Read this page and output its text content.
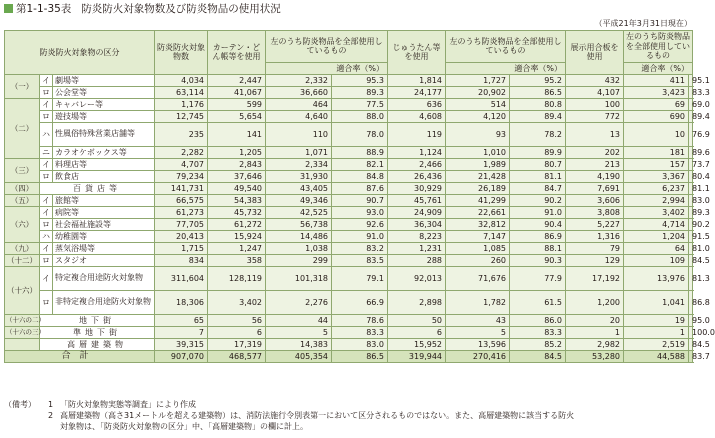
第1-1-35表 防炎防火対象物数及び防炎物品の使用状況
（平成21年3月31日現在）
防炎防火対象物の区分			防炎防火対象物数	カーテン・どん帳等を使用	左のうち防炎物品を全部使用しているもの		じゅうたん等を使用	左のうち防炎物品を全部使用しているもの		展示用合板を使用	左のうち防炎物品を全部使用しているもの	
					適合率（%）			適合率（%）			適合率（%）	
（一）	イ	劇場等	4,034	2,447	2,332	95.3	1,814	1,727	95.2	432	411	95.1
	ロ	公会堂等	63,114	41,067	36,660	89.3	24,177	20,902	86.5	4,107	3,423	83.3
（二）	イ	キャバレー等	1,176	599	464	77.5	636	514	80.8	100	69	69.0
	ロ	遊技場等	12,745	5,654	4,640	88.0	4,608	4,120	89.4	772	690	89.4
	ハ	性風俗特殊営業店舗等	235	141	110	78.0	119	93	78.2	13	10	76.9
	ニ	カラオケボックス等	2,282	1,205	1,071	88.9	1,124	1,010	89.9	202	181	89.6
（三）	イ	料理店等	4,707	2,843	2,334	82.1	2,466	1,989	80.7	213	157	73.7
	ロ	飲食店	79,234	37,646	31,930	84.8	26,436	21,428	81.1	4,190	3,367	80.4
（四）	百貨店等		141,731	49,540	43,405	87.6	30,929	26,189	84.7	7,691	6,237	81.1
（五）	イ	旅館等	66,575	54,383	49,346	90.7	45,761	41,299	90.2	3,606	2,994	83.0
（六）	イ	病院等	61,273	45,732	42,525	93.0	24,909	22,661	91.0	3,808	3,402	89.3
	ロ	社会福祉施設等	77,705	61,272	56,738	92.6	36,304	32,812	90.4	5,227	4,714	90.2
	ハ	幼稚園等	20,413	15,924	14,486	91.0	8,223	7,147	86.9	1,316	1,204	91.5
（九）	イ	蒸気浴場等	1,715	1,247	1,038	83.2	1,231	1,085	88.1	79	64	81.0
（十二）	ロ	スタジオ	834	358	299	83.5	288	260	90.3	129	109	84.5
（十六）	イ	特定複合用途防火対象物	311,604	128,119	101,318	79.1	92,013	71,676	77.9	17,192	13,976	81.3
	ロ	非特定複合用途防火対象物	18,306	3,402	2,276	66.9	2,898	1,782	61.5	1,200	1,041	86.8
（十六の二）	地下街		65	56	44	78.6	50	43	86.0	20	19	95.0
（十六の三）	準地下街		7	6	5	83.3	6	5	83.3	1	1	100.0
	高層建築物		39,315	17,319	14,383	83.0	15,952	13,596	85.2	2,982	2,519	84.5
合計			907,070	468,577	405,354	86.5	319,944	270,416	84.5	53,280	44,588	83.7
（備考）	1 「防火対象物実態等調査」により作成
2 高層建築物（高さ31メートルを超える建築物）は、消防法施行令別表第一において区分されるものではない。また、高層建築物に該当する防火
対象物は、「防炎防火対象物の区分」中、「高層建築物」の欄に計上。
